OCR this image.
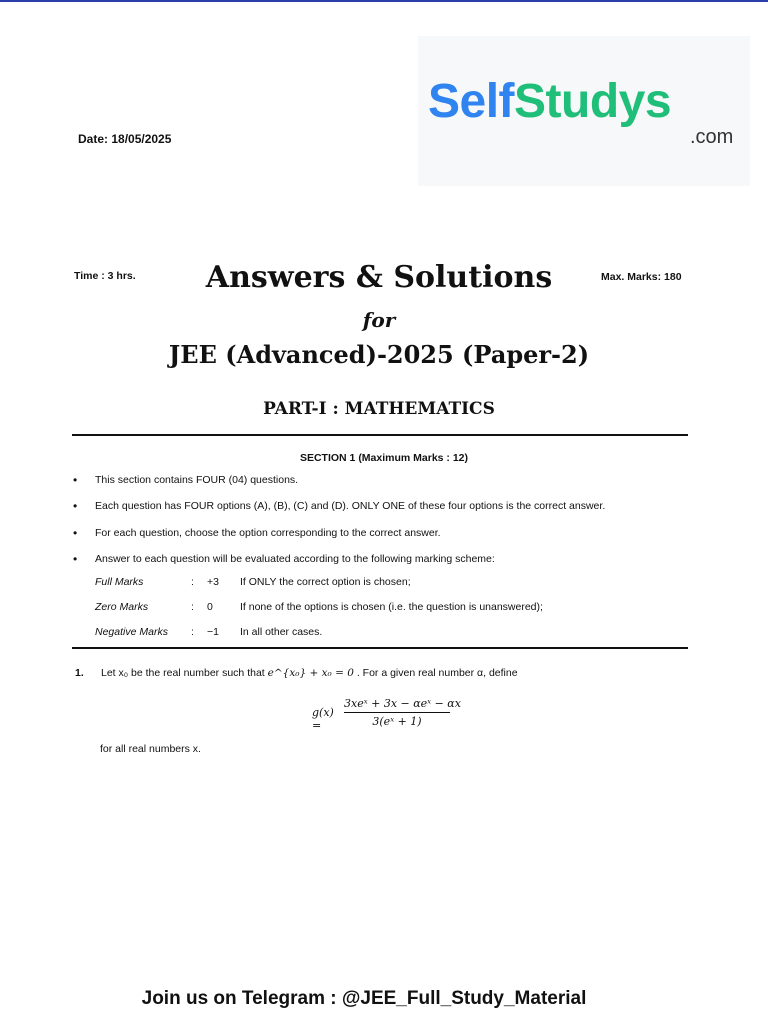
SelfStudys
.com
Date: 18/05/2025
Time : 3 hrs.	Max. Marks: 180
Answers & Solutions
for
JEE (Advanced)-2025 (Paper-2)
PART-I : MATHEMATICS
SECTION 1 (Maximum Marks : 12)
• This section contains FOUR (04) questions.
• Each question has FOUR options (A), (B), (C) and (D). ONLY ONE of these four options is the correct answer.
• For each question, choose the option corresponding to the correct answer.
• Answer to each question will be evaluated according to the following marking scheme:
Full Marks	: +3	If ONLY the correct option is chosen;
Zero Marks	: 0	If none of the options is chosen (i.e. the question is unanswered);
Negative Marks	: −1	In all other cases.
1. Let x₀ be the real number such that e^{x₀} + x₀ = 0 . For a given real number α, define
g(x) =
3xeˣ + 3x − αeˣ − αx
3(eˣ + 1)
for all real numbers x.
Join us on Telegram : @JEE_Full_Study_Material
